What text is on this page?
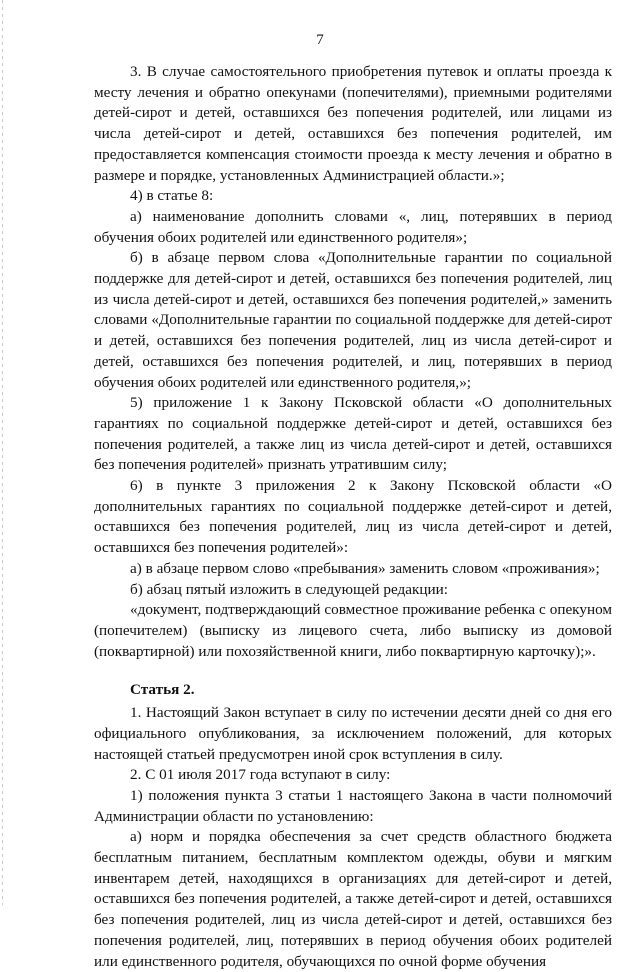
7

3. В случае самостоятельного приобретения путевок и оплаты проезда к месту лечения и обратно опекунами (попечителями), приемными родителями детей-сирот и детей, оставшихся без попечения родителей, или лицами из числа детей-сирот и детей, оставшихся без попечения родителей, им предоставляется компенсация стоимости проезда к месту лечения и обратно в размере и порядке, установленных Администрацией области.»;

4) в статье 8:

а) наименование дополнить словами «, лиц, потерявших в период обучения обоих родителей или единственного родителя»;

б) в абзаце первом слова «Дополнительные гарантии по социальной поддержке для детей-сирот и детей, оставшихся без попечения родителей, лиц из числа детей-сирот и детей, оставшихся без попечения родителей,» заменить словами «Дополнительные гарантии по социальной поддержке для детей-сирот и детей, оставшихся без попечения родителей, лиц из числа детей-сирот и детей, оставшихся без попечения родителей, и лиц, потерявших в период обучения обоих родителей или единственного родителя,»;

5) приложение 1 к Закону Псковской области «О дополнительных гарантиях по социальной поддержке детей-сирот и детей, оставшихся без попечения родителей, а также лиц из числа детей-сирот и детей, оставшихся без попечения родителей» признать утратившим силу;

6) в пункте 3 приложения 2 к Закону Псковской области «О дополнительных гарантиях по социальной поддержке детей-сирот и детей, оставшихся без попечения родителей, лиц из числа детей-сирот и детей, оставшихся без попечения родителей»:

а) в абзаце первом слово «пребывания» заменить словом «проживания»;

б) абзац пятый изложить в следующей редакции:

«документ, подтверждающий совместное проживание ребенка с опекуном (попечителем) (выписку из лицевого счета, либо выписку из домовой (поквартирной) или похозяйственной книги, либо поквартирную карточку);».

Статья 2.

1. Настоящий Закон вступает в силу по истечении десяти дней со дня его официального опубликования, за исключением положений, для которых настоящей статьей предусмотрен иной срок вступления в силу.

2. С 01 июля 2017 года вступают в силу:

1) положения пункта 3 статьи 1 настоящего Закона в части полномочий Администрации области по установлению:

а) норм и порядка обеспечения за счет средств областного бюджета бесплатным питанием, бесплатным комплектом одежды, обуви и мягким инвентарем детей, находящихся в организациях для детей-сирот и детей, оставшихся без попечения родителей, а также детей-сирот и детей, оставшихся без попечения родителей, лиц из числа детей-сирот и детей, оставшихся без попечения родителей, лиц, потерявших в период обучения обоих родителей или единственного родителя, обучающихся по очной форме обучения
